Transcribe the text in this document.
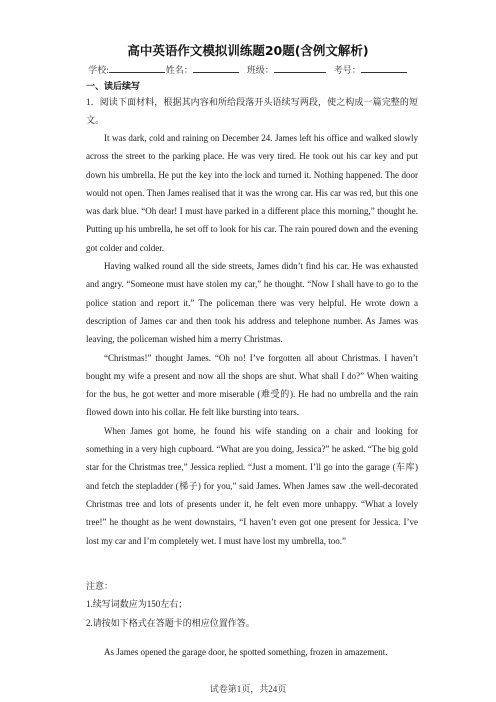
高中英语作文模拟训练题20题(含例文解析)
学校:	姓名：	班级：	考号：
一、读后续写

1．阅读下面材料，根据其内容和所给段落开头语续写两段，使之构成一篇完整的短文。

It was dark, cold and raining on December 24. James left his office and walked slowly across the street to the parking place. He was very tired. He took out his car key and put down his umbrella. He put the key into the lock and turned it. Nothing happened. The door would not open. Then James realised that it was the wrong car. His car was red, but this one was dark blue. “Oh dear! I must have parked in a different place this morning,” thought he. Putting up his umbrella, he set off to look for his car. The rain poured down and the evening got colder and colder.

Having walked round all the side streets, James didn’t find his car. He was exhausted and angry. “Someone must have stolen my car,” he thought. “Now I shall have to go to the police station and report it.” The policeman there was very helpful. He wrote down a description of James car and then took his address and telephone number. As James was leaving, the policeman wished him a merry Christmas.

“Christmas!” thought James. “Oh no! I’ve forgotten all about Christmas. I haven’t bought my wife a present and now all the shops are shut. What shall I do?” When waiting for the bus, he got wetter and more miserable (难受的). He had no umbrella and the rain flowed down into his collar. He felt like bursting into tears.

When James got home, he found his wife standing on a chair and looking for something in a very high cupboard. “What are you doing, Jessica?” he asked. “The big gold star for the Christmas tree,” Jessica replied. “Just a moment. I’ll go into the garage (车库) and fetch the stepladder (梯子) for you,” said James. When James saw .the well-decorated Christmas tree and lots of presents under it, he felt even more unhappy. “What a lovely tree!” he thought as he went downstairs, “I haven’t even got one present for Jessica. I’ve lost my car and I’m completely wet. I must have lost my umbrella, too.”

注意：

1.续写词数应为150左右；

2.请按如下格式在答题卡的相应位置作答。

As James opened the garage door, he spotted something, frozen in amazement.

试卷第1页，共24页
